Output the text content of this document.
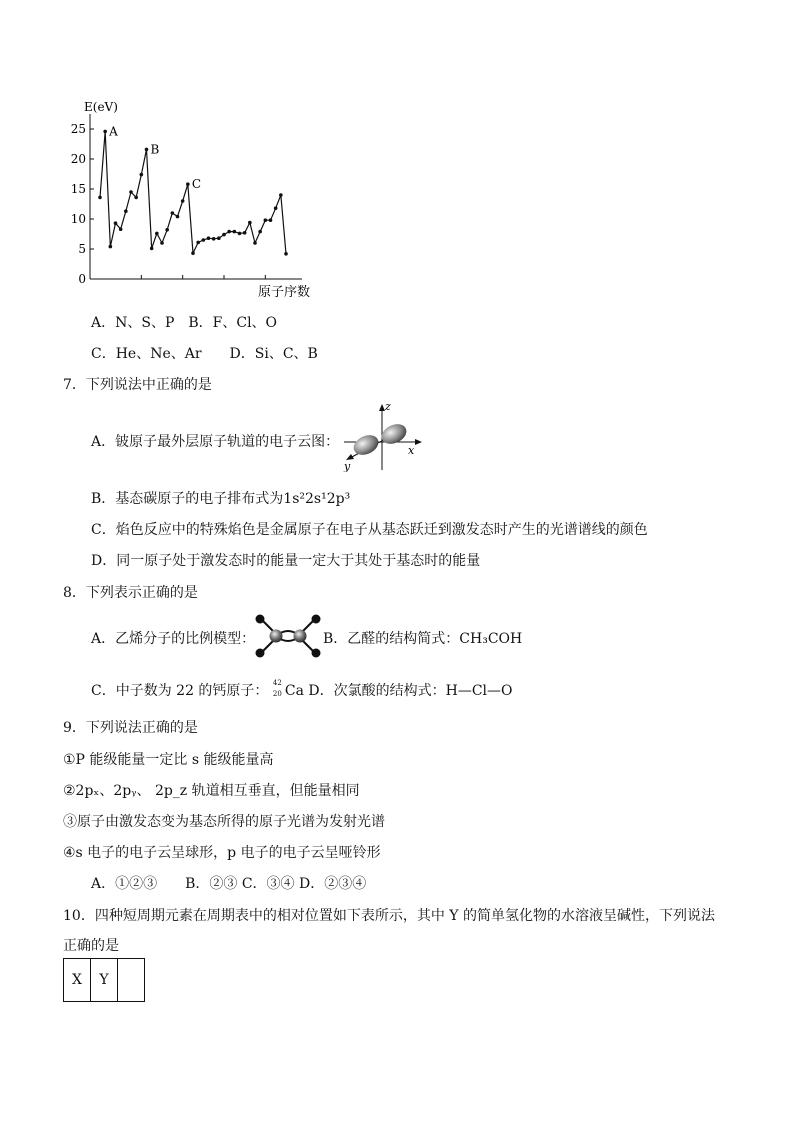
0
5
10
15
20
25
E(eV)
原子序数
A
B
C
A．N、S、P　B．F、Cl、O
C．He、Ne、Ar　　D．Si、C、B
7．下列说法中正确的是
A．铍原子最外层原子轨道的电子云图：
z
x
y
B．基态碳原子的电子排布式为1s²2s¹2p³
C．焰色反应中的特殊焰色是金属原子在电子从基态跃迁到激发态时产生的光谱谱线的颜色
D．同一原子处于激发态时的能量一定大于其处于基态时的能量
8．下列表示正确的是
A．乙烯分子的比例模型：	B．乙醛的结构简式：CH₃COH
C．中子数为 22 的钙原子： 42
20 Ca D．次氯酸的结构式：H—Cl—O
9．下列说法正确的是
①P 能级能量一定比 s 能级能量高
②2pₓ、2pᵧ、 2p_z 轨道相互垂直，但能量相同
③原子由激发态变为基态所得的原子光谱为发射光谱
④s 电子的电子云呈球形，p 电子的电子云呈哑铃形
A．①②③　　B．②③ C．③④ D．②③④
10．四种短周期元素在周期表中的相对位置如下表所示，其中 Y 的简单氢化物的水溶液呈碱性，下列说法
正确的是
X	Y	
